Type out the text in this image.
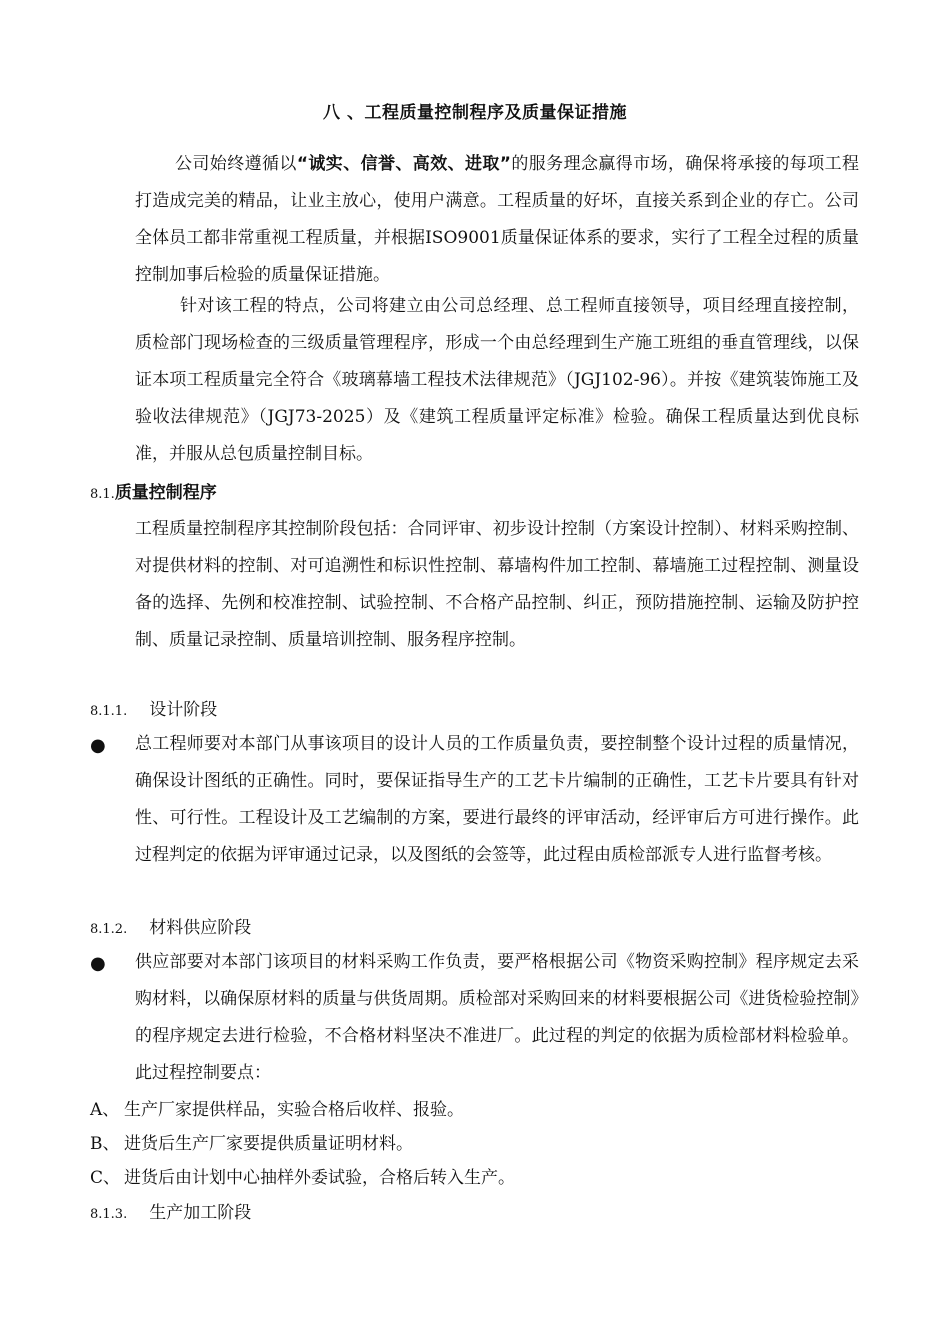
八 、工程质量控制程序及质量保证措施

公司始终遵循以“诚实、信誉、高效、进取”的服务理念赢得市场，确保将承接的每项工程打造成完美的精品，让业主放心，使用户满意。工程质量的好坏，直接关系到企业的存亡。公司全体员工都非常重视工程质量，并根据ISO9001质量保证体系的要求，实行了工程全过程的质量控制加事后检验的质量保证措施。

针对该工程的特点，公司将建立由公司总经理、总工程师直接领导，项目经理直接控制，质检部门现场检查的三级质量管理程序，形成一个由总经理到生产施工班组的垂直管理线，以保证本项工程质量完全符合《玻璃幕墙工程技术法律规范》（JGJ102-96）。并按《建筑装饰施工及验收法律规范》（JGJ73-2025）及《建筑工程质量评定标准》检验。确保工程质量达到优良标准，并服从总包质量控制目标。

8.1.质量控制程序

工程质量控制程序其控制阶段包括：合同评审、初步设计控制（方案设计控制）、材料采购控制、对提供材料的控制、对可追溯性和标识性控制、幕墙构件加工控制、幕墙施工过程控制、测量设备的选择、先例和校准控制、试验控制、不合格产品控制、纠正，预防措施控制、运输及防护控制、质量记录控制、质量培训控制、服务程序控制。

8.1.1. 设计阶段
● 总工程师要对本部门从事该项目的设计人员的工作质量负责，要控制整个设计过程的质量情况，确保设计图纸的正确性。同时，要保证指导生产的工艺卡片编制的正确性，工艺卡片要具有针对性、可行性。工程设计及工艺编制的方案，要进行最终的评审活动，经评审后方可进行操作。此过程判定的依据为评审通过记录，以及图纸的会签等，此过程由质检部派专人进行监督考核。

8.1.2. 材料供应阶段
● 供应部要对本部门该项目的材料采购工作负责，要严格根据公司《物资采购控制》程序规定去采购材料，以确保原材料的质量与供货周期。质检部对采购回来的材料要根据公司《进货检验控制》的程序规定去进行检验，不合格材料坚决不准进厂。此过程的判定的依据为质检部材料检验单。此过程控制要点：

A、 生产厂家提供样品，实验合格后收样、报验。

B、 进货后生产厂家要提供质量证明材料。

C、 进货后由计划中心抽样外委试验，合格后转入生产。

8.1.3. 生产加工阶段
